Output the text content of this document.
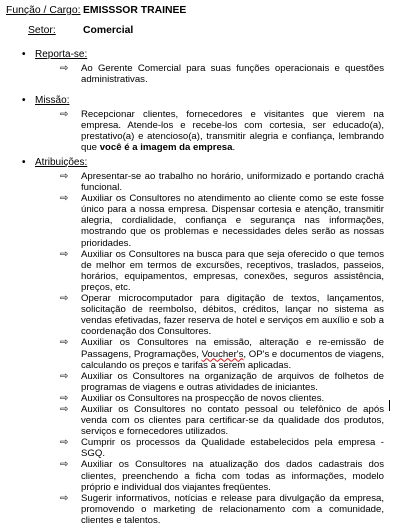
Função / Cargo: EMISSSOR TRAINEE
Setor:	Comercial
• Reporta-se:
⇨	Ao Gerente Comercial para suas funções operacionais e questões administrativas.
• Missão:
⇨	Recepcionar clientes, fornecedores e visitantes que vierem na empresa. Atende-los e recebe-los com cortesia, ser educado(a), prestativo(a) e atencioso(a), transmitir alegria e confiança, lembrando que você é a imagem da empresa.
• Atribuições:
⇨	Apresentar-se ao trabalho no horário, uniformizado e portando crachá funcional.
⇨	Auxiliar os Consultores no atendimento ao cliente como se este fosse único para a nossa empresa. Dispensar cortesia e atenção, transmitir alegria, cordialidade, confiança e segurança nas informações, mostrando que os problemas e necessidades deles serão as nossas prioridades.
⇨	Auxiliar os Consultores na busca para que seja oferecido o que temos de melhor em termos de excursões, receptivos, traslados, passeios, horários, equipamentos, empresas, conexões, seguros assistência, preços, etc.
⇨	Operar microcomputador para digitação de textos, lançamentos, solicitação de reembolso, débitos, créditos, lançar no sistema as vendas efetivadas, fazer reserva de hotel e serviços em auxílio e sob a coordenação dos Consultores.
⇨	Auxiliar os Consultores na emissão, alteração e re-emissão de Passagens, Programações, Voucher's, OP's e documentos de viagens, calculando os preços e tarifas a serem aplicadas.
⇨	Auxiliar os Consultores na organização de arquivos de folhetos de programas de viagens e outras atividades de iniciantes.
⇨	Auxiliar os Consultores na prospecção de novos clientes.
⇨	Auxiliar os Consultores no contato pessoal ou telefônico de após venda com os clientes para certificar-se da qualidade dos produtos, serviços e fornecedores utilizados.
⇨	Cumprir os processos da Qualidade estabelecidos pela empresa - SGQ.
⇨	Auxiliar os Consultores na atualização dos dados cadastrais dos clientes, preenchendo a ficha com todas as informações, modelo próprio e individual dos viajantes freqüentes.
⇨	Sugerir informativos, notícias e release para divulgação da empresa, promovendo o marketing de relacionamento com a comunidade, clientes e talentos.
